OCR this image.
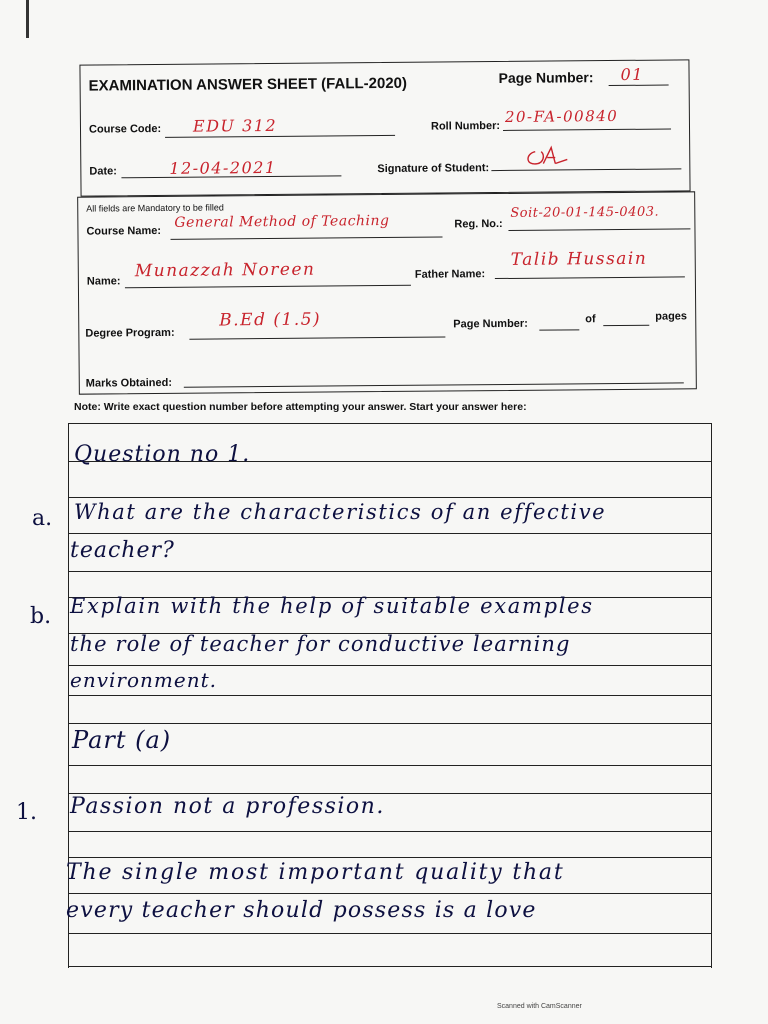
EXAMINATION ANSWER SHEET (FALL-2020)	Page Number: 01
Course Code: EDU 312	Roll Number:
20-FA-00840
Date:	12-04-2021	Signature of Student:
All fields are Mandatory to be filled
Course Name:
General Method of Teaching	Reg. No.:
Soit-20-01-145-0403.
Name:
Munazzah Noreen	Father Name:
Talib Hussain
Degree Program:
B.Ed (1.5)	Page Number:	of	pages
Marks Obtained:
Note: Write exact question number before attempting your answer. Start your answer here:
Question no 1.
a. What are the characteristics of an effective
teacher?
b. Explain with the help of suitable examples
the role of teacher for conductive learning
environment.
Part (a)
1. Passion not a profession.
The single most important quality that
every teacher should possess is a love
Scanned with CamScanner
